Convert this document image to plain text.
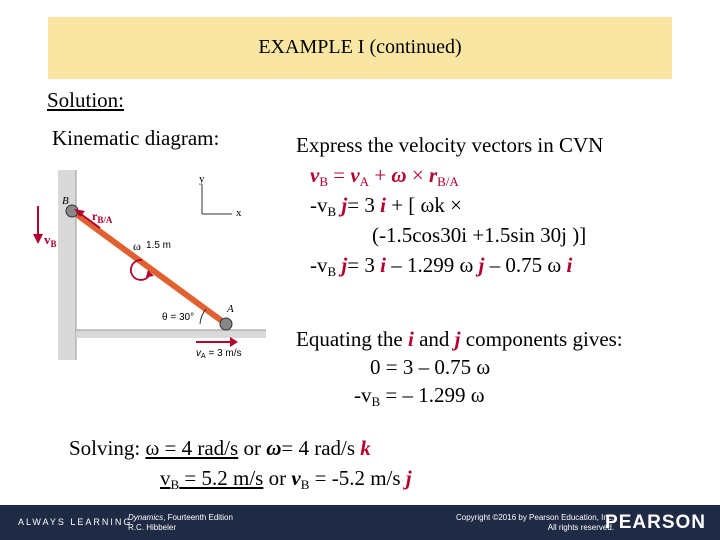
EXAMPLE I (continued)
Solution:
Kinematic diagram:
y
x
$r_{B/A}$
$v_B$
B
A
ω 1.5 m
θ = 30°
$v_A = 3$ m/s
Express the velocity vectors in CVN
$v_B = v_A + \omega \times r_{B/A}$
$-v_B$ j= 3 i + [ ωk ×
(-1.5cos30i +1.5sin 30j )]
$-v_B$ j= 3 i – 1.299 ω j – 0.75 ω i
Equating the i and j components gives:
0 = 3 – 0.75 ω
$-v_B$ = – 1.299 ω
Solving: ω = 4 rad/s or ω= 4 rad/s k
$v_B = 5.2$ m/s or $v_B = -5.2$ m/s j
ALWAYS LEARNING
Dynamics, Fourteenth Edition
R.C. Hibbeler
Copyright ©2016 by Pearson Education, Inc.
All rights reserved.
PEARSON
